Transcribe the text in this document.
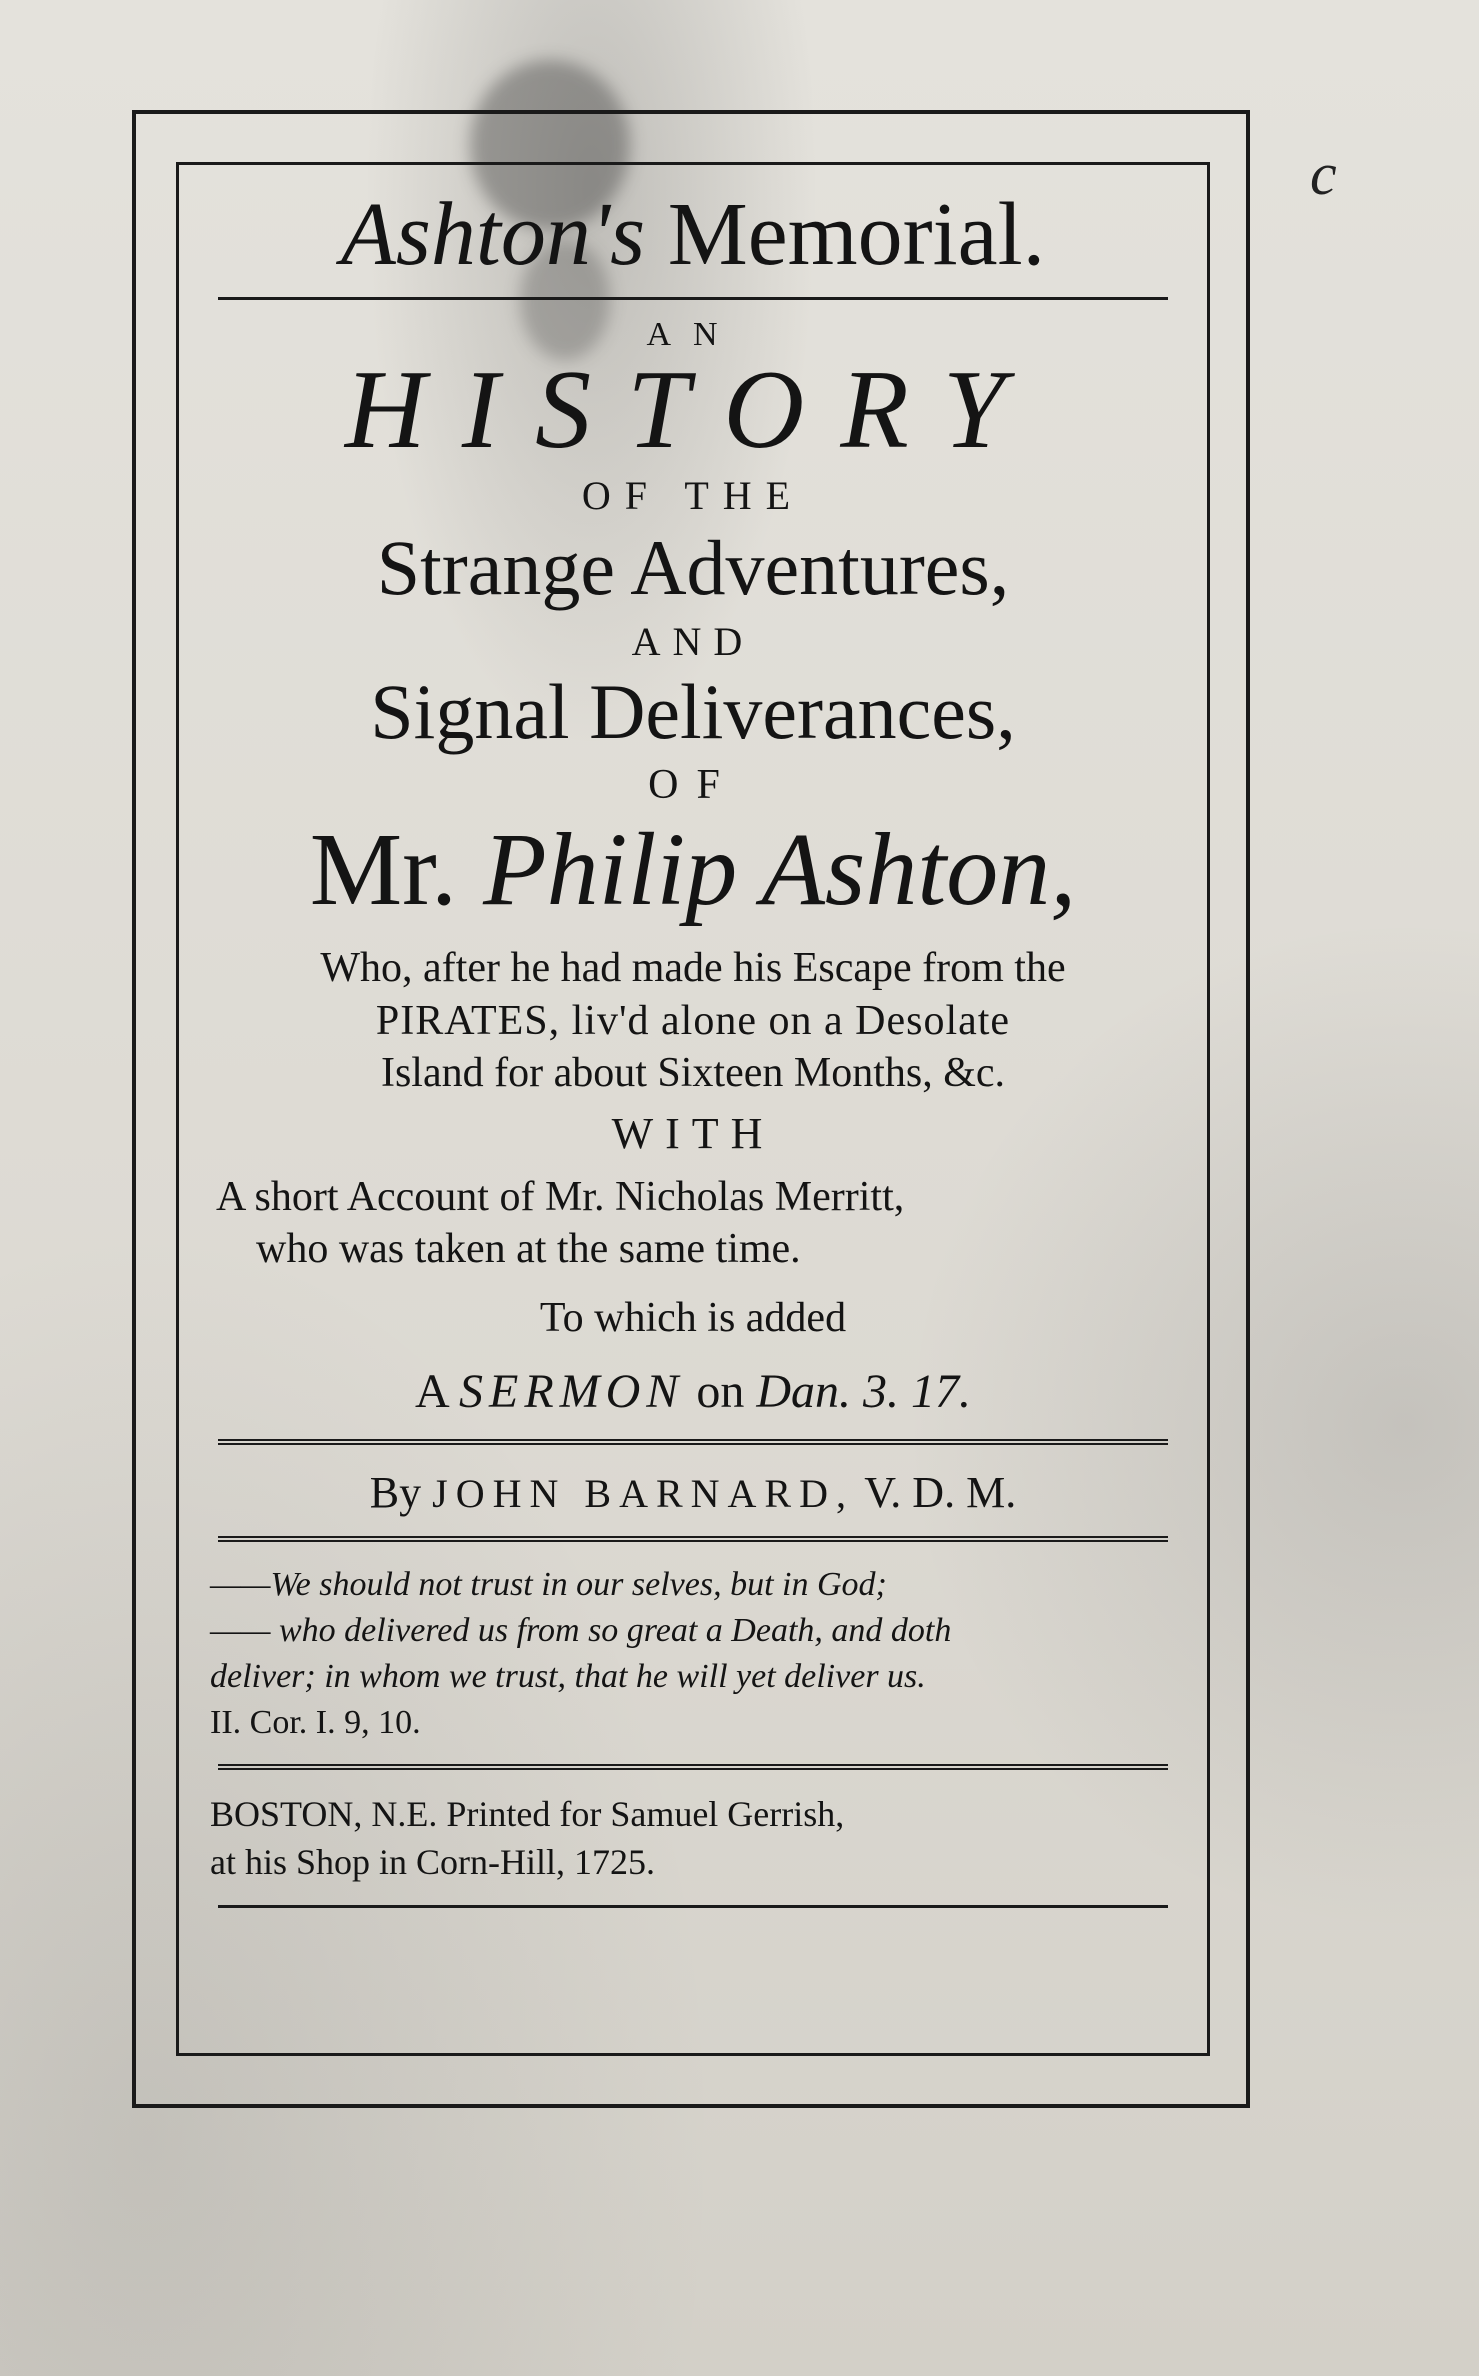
c
Ashton's Memorial.
AN
HISTORY
OF THE
Strange Adventures,
AND
Signal Deliverances,
OF
Mr. Philip Ashton,
Who, after he had made his Escape from the
PIRATES, liv'd alone on a Desolate
Island for about Sixteen Months, &c.
WITH
A short Account of Mr. Nicholas Merritt,
who was taken at the same time.
To which is added
A SERMON on Dan. 3. 17.
By JOHN BARNARD, V. D. M.
——We should not trust in our selves, but in God;
—— who delivered us from so great a Death, and doth
deliver; in whom we trust, that he will yet deliver us.
II. Cor. I. 9, 10.
BOSTON, N.E. Printed for Samuel Gerrish,
at his Shop in Corn-Hill, 1725.
